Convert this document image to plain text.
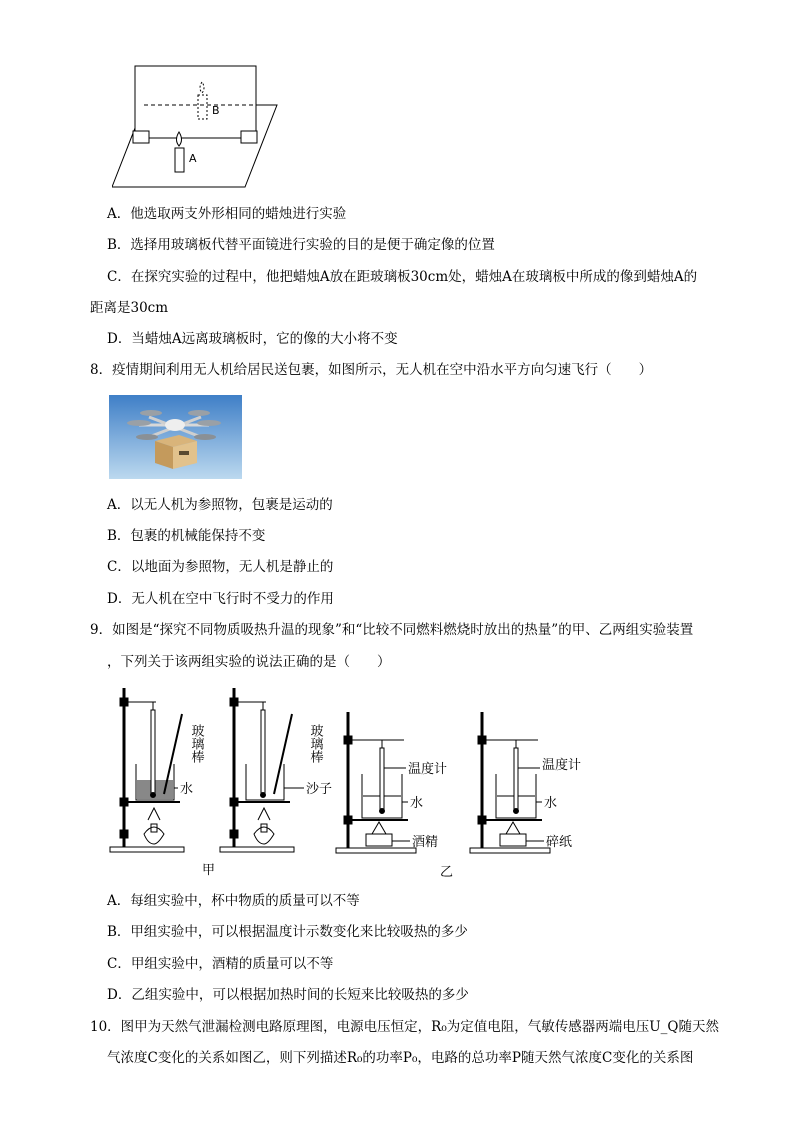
B
A
A．他选取两支外形相同的蜡烛进行实验
B．选择用玻璃板代替平面镜进行实验的目的是便于确定像的位置
C．在探究实验的过程中，他把蜡烛A放在距玻璃板30cm处，蜡烛A在玻璃板中所成的像到蜡烛A的
距离是30cm
D．当蜡烛A远离玻璃板时，它的像的大小将不变
8．疫情期间利用无人机给居民送包裹，如图所示，无人机在空中沿水平方向匀速飞行（　　）
A．以无人机为参照物，包裹是运动的
B．包裹的机械能保持不变
C．以地面为参照物，无人机是静止的
D．无人机在空中飞行时不受力的作用
9．如图是“探究不同物质吸热升温的现象”和“比较不同燃料燃烧时放出的热量”的甲、乙两组实验装置
，下列关于该两组实验的说法正确的是（　　）
玻璃棒	玻璃棒
水	沙子
温度计
水
酒精
温度计
水
碎纸
甲	乙
A．每组实验中，杯中物质的质量可以不等
B．甲组实验中，可以根据温度计示数变化来比较吸热的多少
C．甲组实验中，酒精的质量可以不等
D．乙组实验中，可以根据加热时间的长短来比较吸热的多少
10．图甲为天然气泄漏检测电路原理图，电源电压恒定，R₀为定值电阻，气敏传感器两端电压U_Q随天然
气浓度C变化的关系如图乙，则下列描述R₀的功率P₀，电路的总功率P随天然气浓度C变化的关系图
